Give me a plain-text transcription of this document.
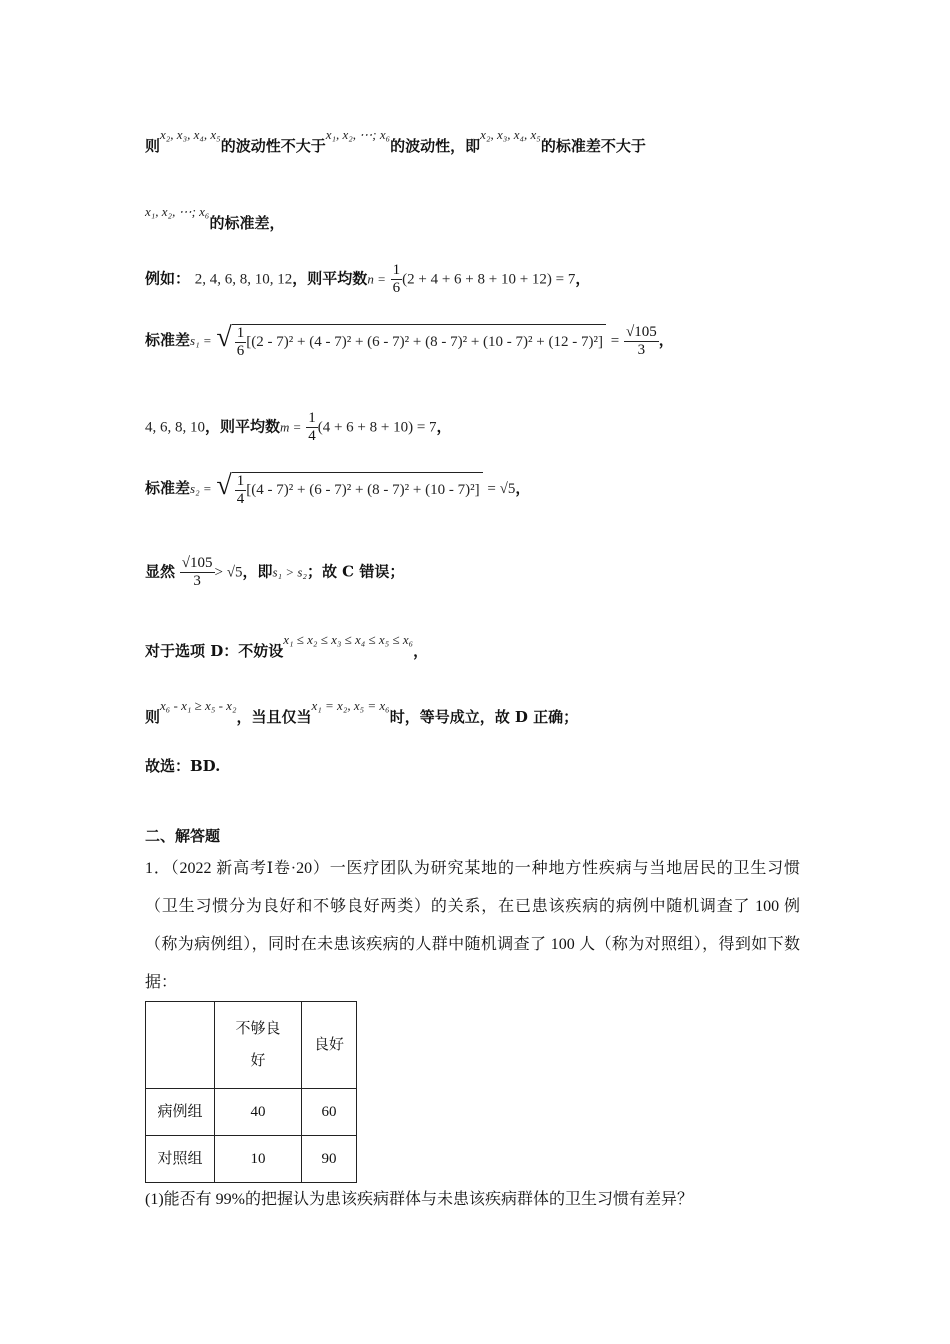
则x₂, x₃, x₄, x₅的波动性不大于x₁, x₂, ⋯; x₆的波动性，即x₂, x₃, x₄, x₅的标准差不大于
x₁, x₂, ⋯; x₆的标准差，
例如： 2, 4, 6, 8, 10, 12，则平均数$n = \frac{1}{6} (2 + 4 + 6 + 8 + 10 + 12) = 7$，
标准差s₁ = √ $\frac{1}{6} [(2 - 7)^2 + (4 - 7)^2 + (6 - 7)^2 + (8 - 7)^2 + (10 - 7)^2 + (12 - 7)^2] = \frac{√105}{3}$ ，
4, 6, 8, 10，则平均数$m = \frac{1}{4} (4 + 6 + 8 + 10) = 7$，
标准差s₂ = √ $\frac{1}{4} [(4 - 7)^2 + (6 - 7)^2 + (8 - 7)^2 + (10 - 7)^2] = √5$，
显然 $\frac{√105}{3} > √5$，即s₁ > s₂；故 C 错误；
对于选项 D：不妨设x₁ ≤ x₂ ≤ x₃ ≤ x₄ ≤ x₅ ≤ x₆，
则x₆ - x₁ ≥ x₅ - x₂，当且仅当x₁ = x₂, x₅ = x₆时，等号成立，故 D 正确；
故选：BD.
二、解答题
1．（2022 新高考Ⅰ卷·20）一医疗团队为研究某地的一种地方性疾病与当地居民的卫生习惯（卫生习惯分为良好和不够良好两类）的关系，在已患该疾病的病例中随机调查了 100 例（称为病例组），同时在未患该疾病的人群中随机调查了 100 人（称为对照组），得到如下数据：

	不够良好	良好
病例组	40	60
对照组	10	90
(1)能否有 99%的把握认为患该疾病群体与未患该疾病群体的卫生习惯有差异？
